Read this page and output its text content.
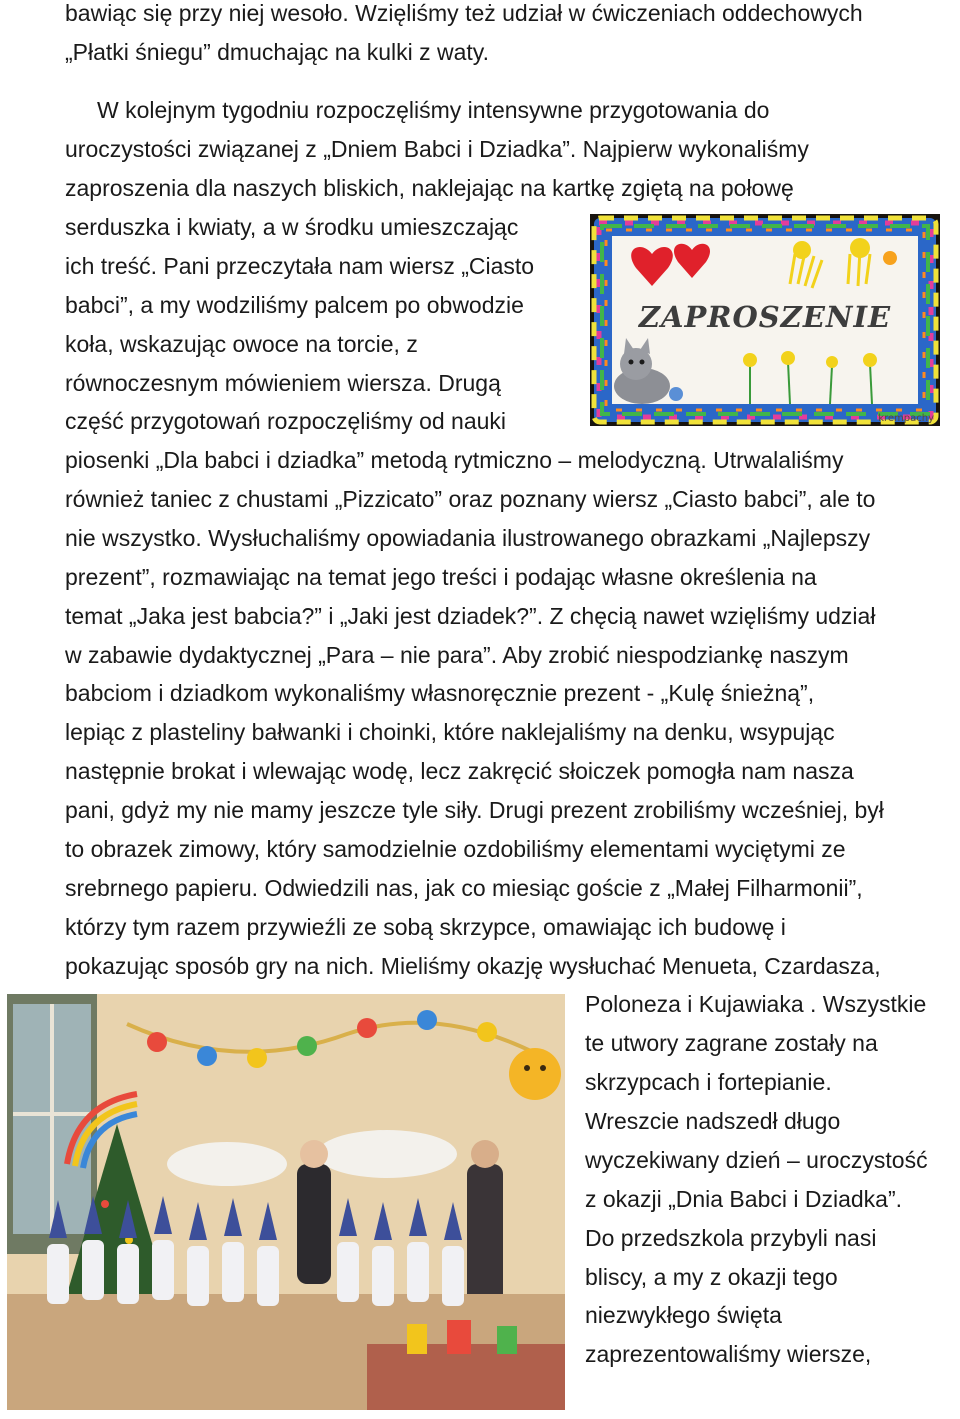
bawiąc się przy niej wesoło. Wzięliśmy też udział w ćwiczeniach oddechowych
„Płatki śniegu” dmuchając na kulki z waty.
W kolejnym tygodniu rozpoczęliśmy intensywne przygotowania do
uroczystości związanej z „Dniem Babci i Dziadka”. Najpierw wykonaliśmy
zaproszenia dla naszych bliskich, naklejając na kartkę zgiętą na połowę
serduszka i kwiaty, a w środku umieszczając
ich treść. Pani przeczytała nam wiersz „Ciasto
babci”, a my wodziliśmy palcem po obwodzie
koła, wskazując owoce na torcie, z
równoczesnym mówieniem wiersza. Drugą
część przygotowań rozpoczęliśmy od nauki
piosenki „Dla babci i dziadka” metodą rytmiczno – melodyczną. Utrwalaliśmy
również taniec z chustami „Pizzicato” oraz poznany wiersz „Ciasto babci”, ale to
nie wszystko. Wysłuchaliśmy opowiadania ilustrowanego obrazkami „Najlepszy
prezent”, rozmawiając na temat jego treści i podając własne określenia na
temat „Jaka jest babcia?” i „Jaki jest dziadek?”. Z chęcią nawet wzięliśmy udział
w zabawie dydaktycznej „Para – nie para”. Aby zrobić niespodziankę naszym
babciom i dziadkom wykonaliśmy własnoręcznie prezent - „Kulę śnieżną”,
lepiąc z plasteliny bałwanki i choinki, które naklejaliśmy na denku, wsypując
następnie brokat i wlewając wodę, lecz zakręcić słoiczek pomogła nam nasza
pani, gdyż my nie mamy jeszcze tyle siły. Drugi prezent zrobiliśmy wcześniej, był
to obrazek zimowy, który samodzielnie ozdobiliśmy elementami wyciętymi ze
srebrnego papieru. Odwiedzili nas, jak co miesiąc goście z „Małej Filharmonii”,
którzy tym razem przywieźli ze sobą skrzypce, omawiając ich budowę i
pokazując sposób gry na nich. Mieliśmy okazję wysłuchać Menueta, Czardasza,
Poloneza i Kujawiaka . Wszystkie
te utwory zagrane zostały na
skrzypcach i fortepianie.
Wreszcie nadszedł długo
wyczekiwany dzień – uroczystość
z okazji „Dnia Babci i Dziadka”.
Do przedszkola przybyli nasi
bliscy, a my z okazji tego
niezwykłego święta
zaprezentowaliśmy wiersze,
ZAPROSZENIE
krempachy
